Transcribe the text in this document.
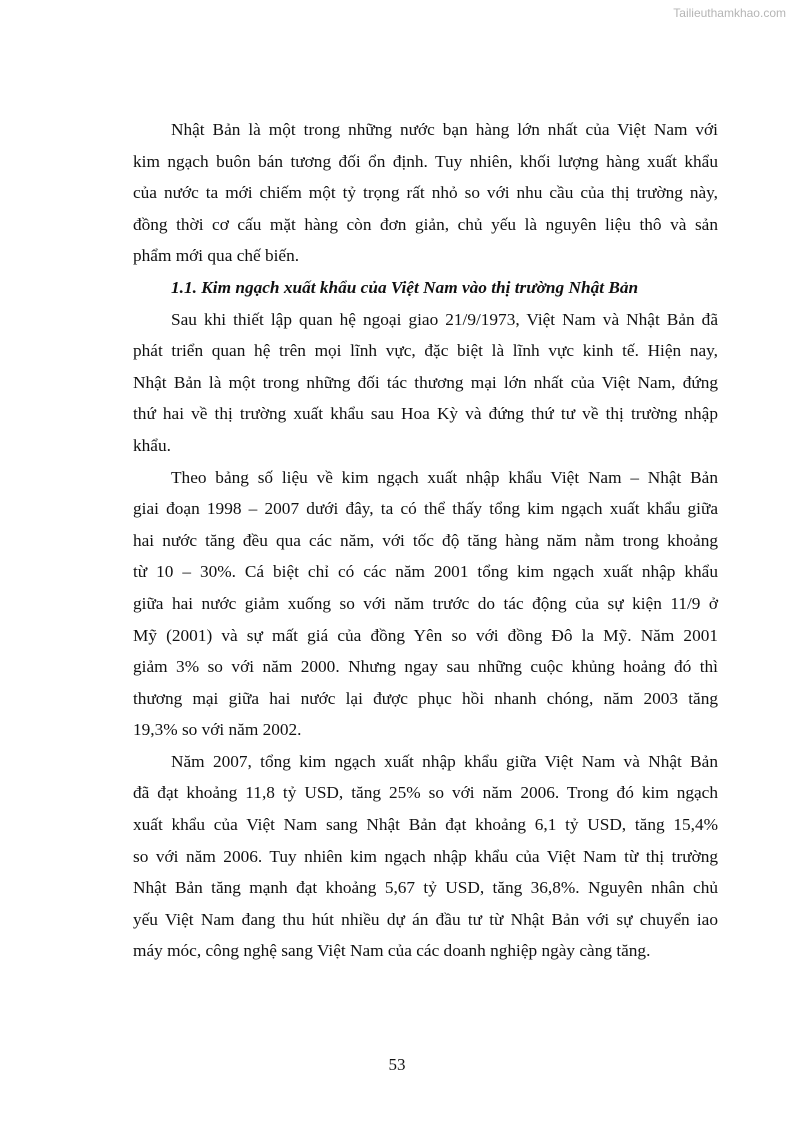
Tailieuthamkhao.com
Nhật Bản là một trong những nước bạn hàng lớn nhất của Việt Nam với
kim ngạch buôn bán tương đối ổn định. Tuy nhiên, khối lượng hàng xuất khẩu
của nước ta mới chiếm một tỷ trọng rất nhỏ so với nhu cầu của thị trường này,
đồng thời cơ cấu mặt hàng còn đơn giản, chủ yếu là nguyên liệu thô và sản
phẩm mới qua chế biến.
1.1. Kim ngạch xuất khẩu của Việt Nam vào thị trường Nhật Bản
Sau khi thiết lập quan hệ ngoại giao 21/9/1973, Việt Nam và Nhật Bản đã
phát triển quan hệ trên mọi lĩnh vực, đặc biệt là lĩnh vực kinh tế. Hiện nay,
Nhật Bản là một trong những đối tác thương mại lớn nhất của Việt Nam, đứng
thứ hai về thị trường xuất khẩu sau Hoa Kỳ và đứng thứ tư về thị trường nhập
khẩu.
Theo bảng số liệu về kim ngạch xuất nhập khẩu Việt Nam – Nhật Bản
giai đoạn 1998 – 2007 dưới đây, ta có thể thấy tổng kim ngạch xuất khẩu giữa
hai nước tăng đều qua các năm, với tốc độ tăng hàng năm nằm trong khoảng
từ 10 – 30%. Cá biệt chỉ có các năm 2001 tổng kim ngạch xuất nhập khẩu
giữa hai nước giảm xuống so với năm trước do tác động của sự kiện 11/9 ở
Mỹ (2001) và sự mất giá của đồng Yên so với đồng Đô la Mỹ. Năm 2001
giảm 3% so với năm 2000. Nhưng ngay sau những cuộc khủng hoảng đó thì
thương mại giữa hai nước lại được phục hồi nhanh chóng, năm 2003 tăng
19,3% so với năm 2002.
Năm 2007, tổng kim ngạch xuất nhập khẩu giữa Việt Nam và Nhật Bản
đã đạt khoảng 11,8 tỷ USD, tăng 25% so với năm 2006. Trong đó kim ngạch
xuất khẩu của Việt Nam sang Nhật Bản đạt khoảng 6,1 tỷ USD, tăng 15,4%
so với năm 2006. Tuy nhiên kim ngạch nhập khẩu của Việt Nam từ thị trường
Nhật Bản tăng mạnh đạt khoảng 5,67 tỷ USD, tăng 36,8%. Nguyên nhân chủ
yếu Việt Nam đang thu hút nhiều dự án đầu tư từ Nhật Bản với sự chuyển iao
máy móc, công nghệ sang Việt Nam của các doanh nghiệp ngày càng tăng.
53
